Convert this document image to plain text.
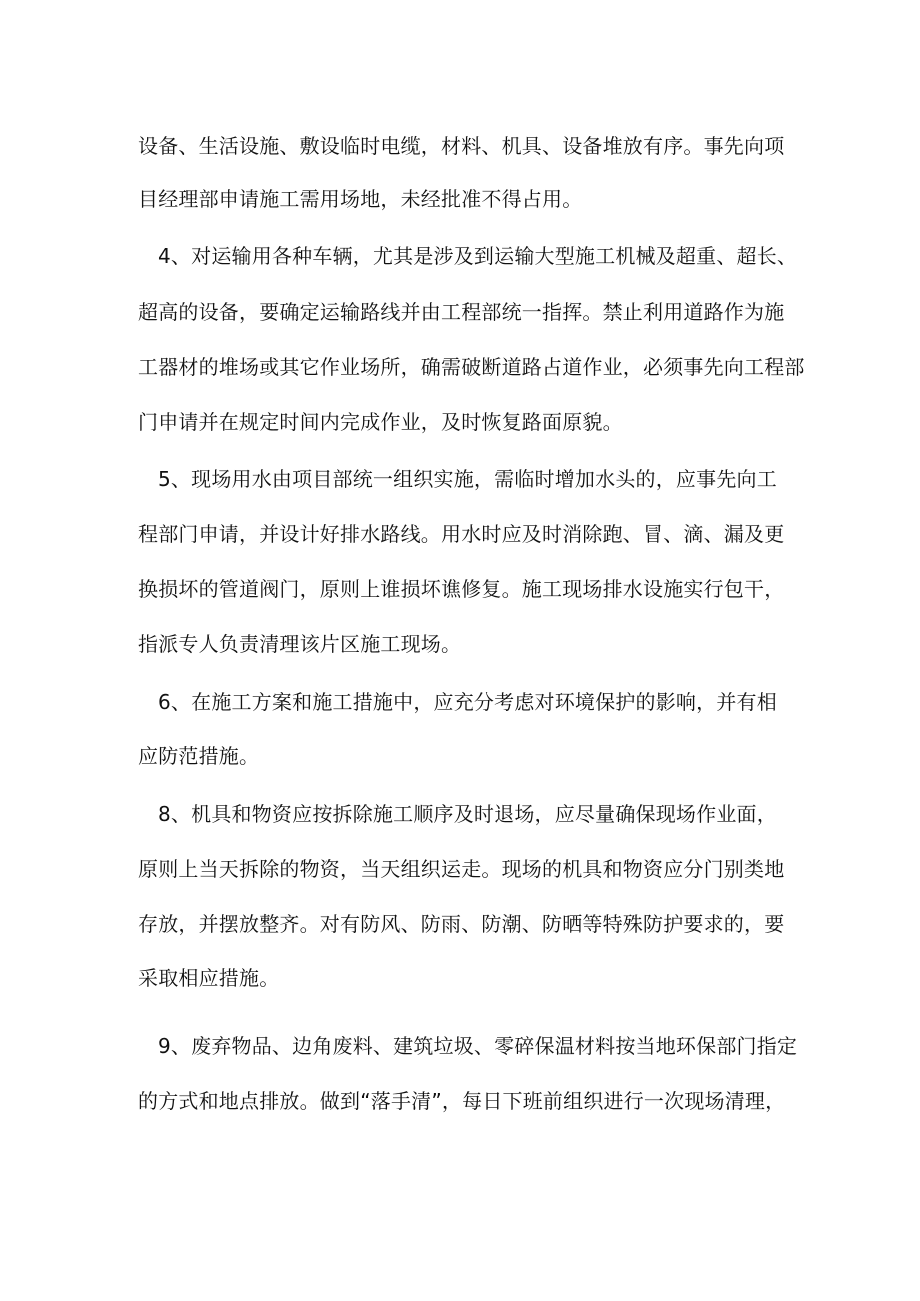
设备、生活设施、敷设临时电缆，材料、机具、设备堆放有序。事先向项
目经理部申请施工需用场地，未经批准不得占用。
4、对运输用各种车辆，尤其是涉及到运输大型施工机械及超重、超长、
超高的设备，要确定运输路线并由工程部统一指挥。禁止利用道路作为施
工器材的堆场或其它作业场所，确需破断道路占道作业，必须事先向工程部
门申请并在规定时间内完成作业，及时恢复路面原貌。
5、现场用水由项目部统一组织实施，需临时增加水头的，应事先向工
程部门申请，并设计好排水路线。用水时应及时消除跑、冒、滴、漏及更
换损坏的管道阀门，原则上谁损坏谯修复。施工现场排水设施实行包干，
指派专人负责清理该片区施工现场。
6、在施工方案和施工措施中，应充分考虑对环境保护的影响，并有相
应防范措施。
8、机具和物资应按拆除施工顺序及时退场，应尽量确保现场作业面，
原则上当天拆除的物资，当天组织运走。现场的机具和物资应分门别类地
存放，并摆放整齐。对有防风、防雨、防潮、防晒等特殊防护要求的，要
采取相应措施。
9、废弃物品、边角废料、建筑垃圾、零碎保温材料按当地环保部门指定
的方式和地点排放。做到“落手清”，每日下班前组织进行一次现场清理，
